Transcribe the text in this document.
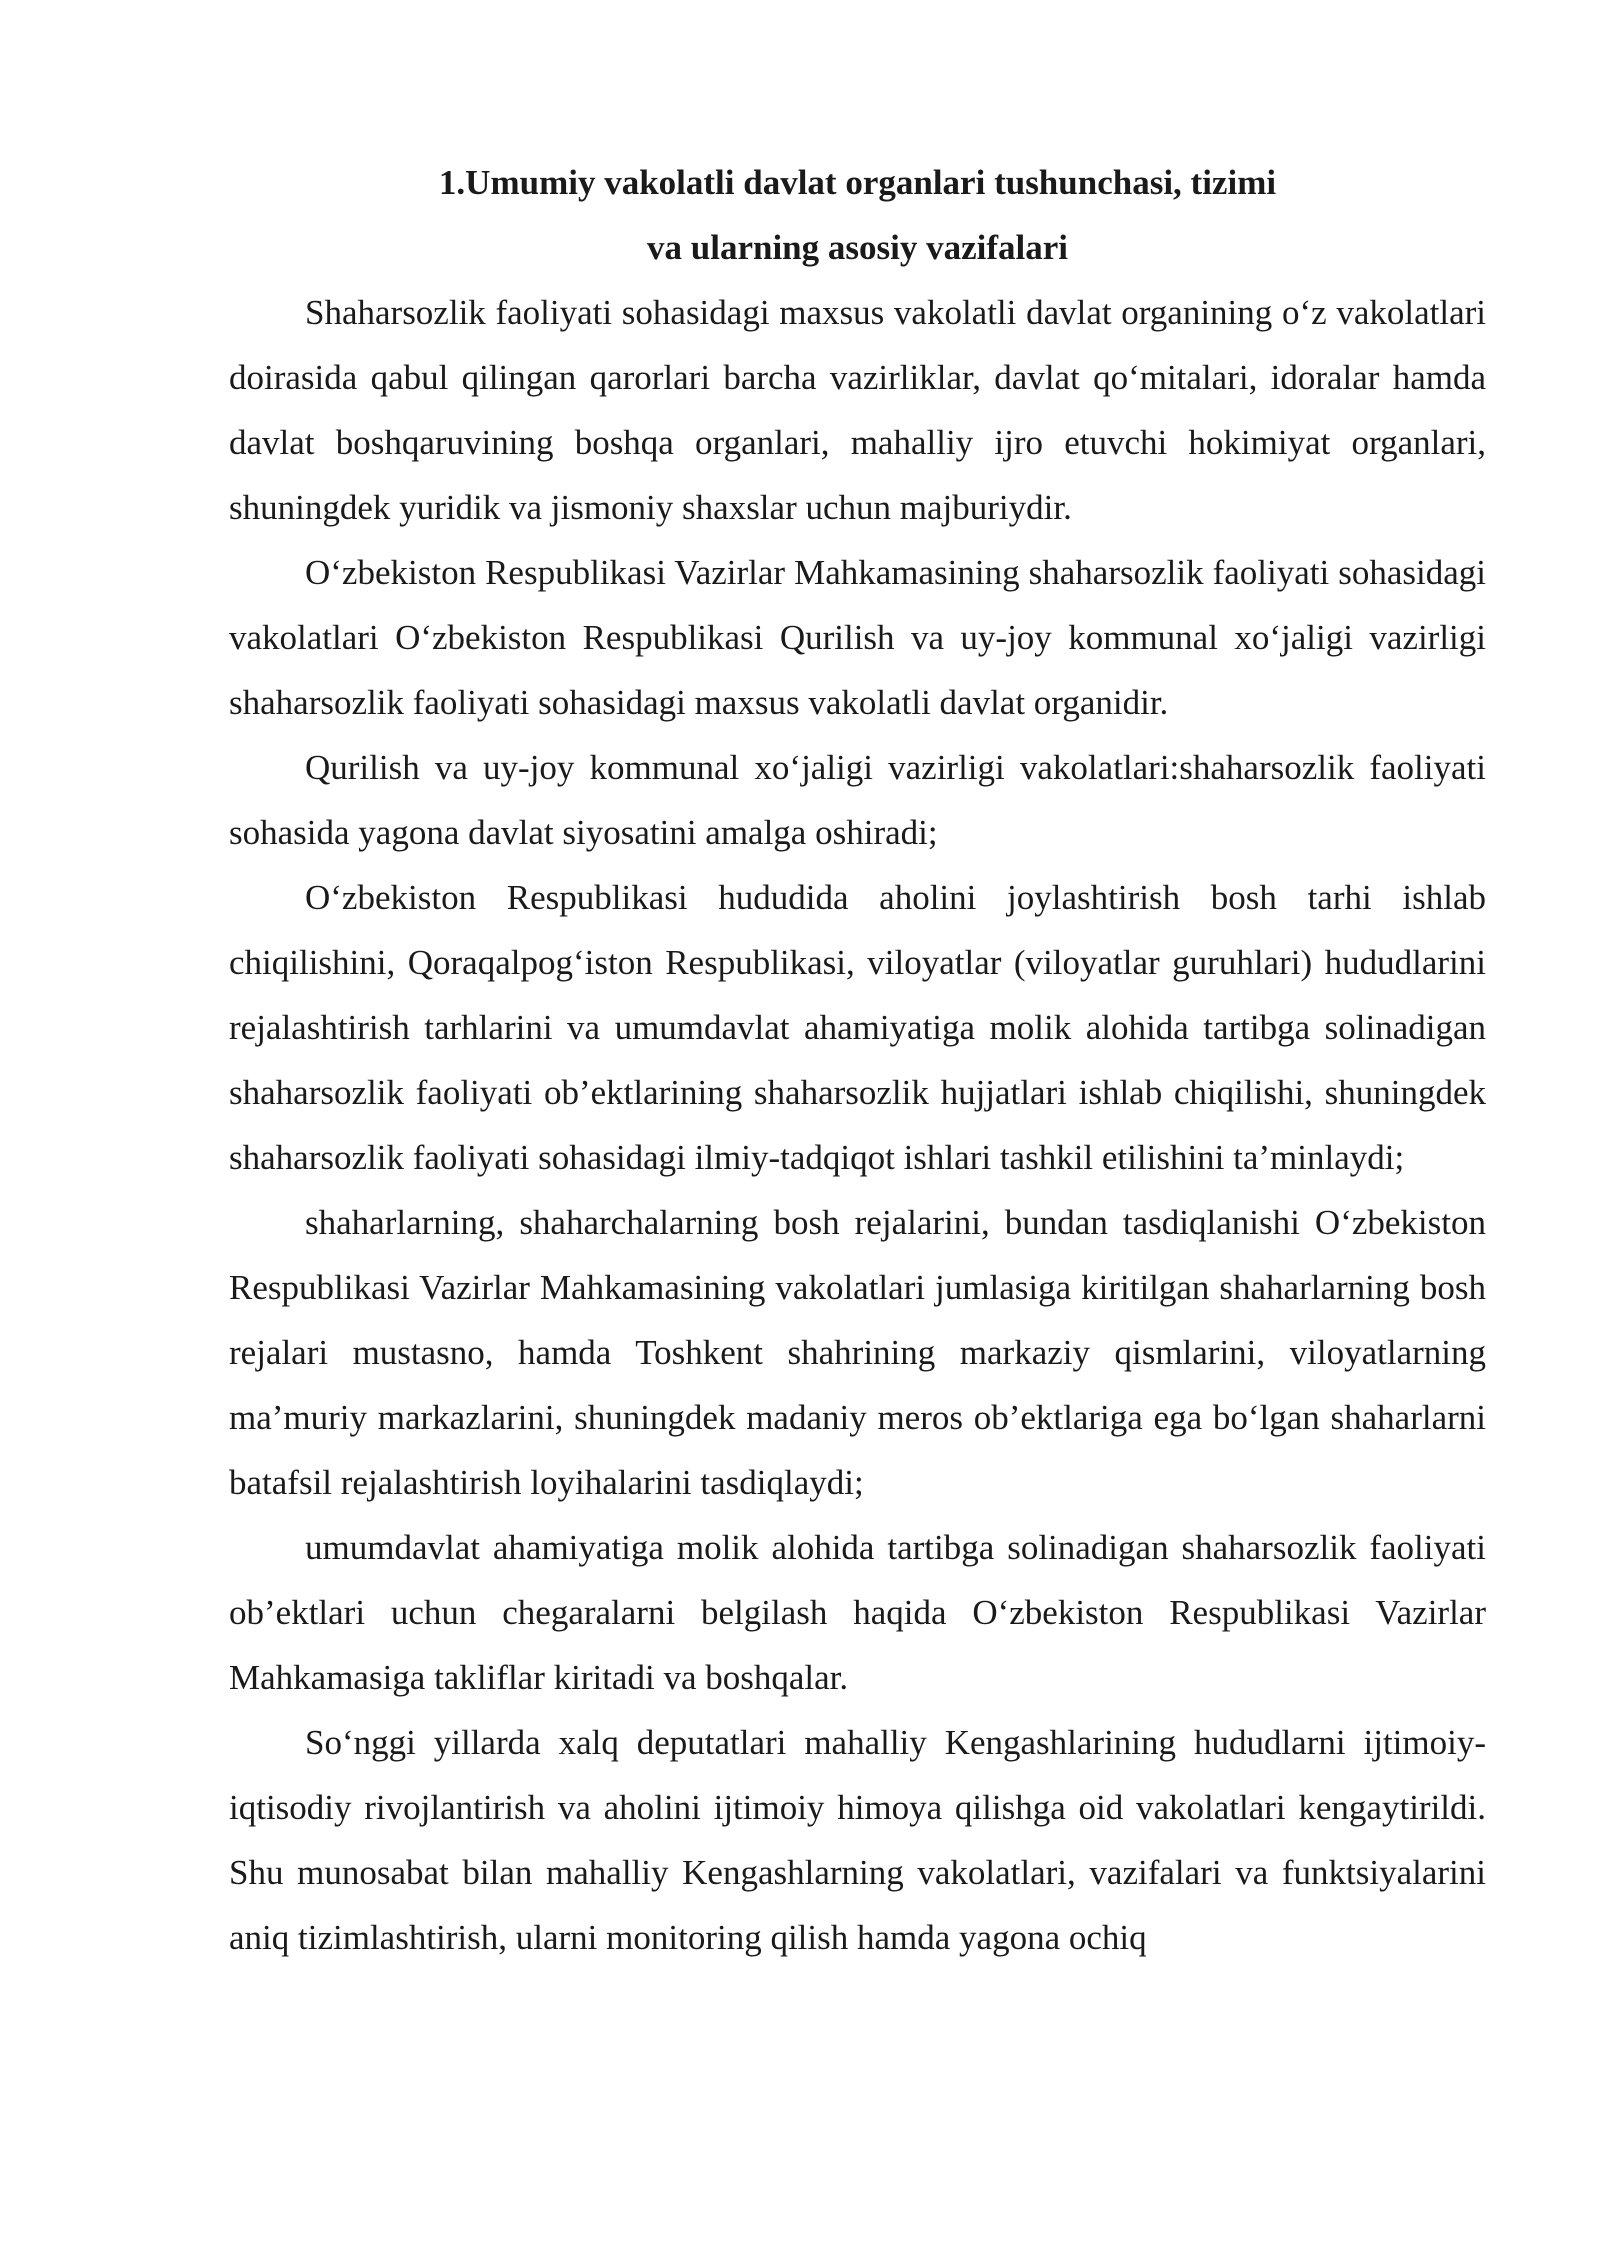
1.Umumiy vakolatli davlat organlari tushunchasi, tizimi
va ularning asosiy vazifalari

Shaharsozlik faoliyati sohasidagi maxsus vakolatli davlat organining o‘z vakolatlari doirasida qabul qilingan qarorlari barcha vazirliklar, davlat qo‘mitalari, idoralar hamda davlat boshqaruvining boshqa organlari, mahalliy ijro etuvchi hokimiyat organlari, shuningdek yuridik va jismoniy shaxslar uchun majburiydir.

O‘zbekiston Respublikasi Vazirlar Mahkamasining shaharsozlik faoliyati sohasidagi vakolatlari O‘zbekiston Respublikasi Qurilish va uy-joy kommunal xo‘jaligi vazirligi shaharsozlik faoliyati sohasidagi maxsus vakolatli davlat organidir.

Qurilish va uy-joy kommunal xo‘jaligi vazirligi vakolatlari:shaharsozlik faoliyati sohasida yagona davlat siyosatini amalga oshiradi;

O‘zbekiston Respublikasi hududida aholini joylashtirish bosh tarhi ishlab chiqilishini, Qoraqalpog‘iston Respublikasi, viloyatlar (viloyatlar guruhlari) hududlarini rejalashtirish tarhlarini va umumdavlat ahamiyatiga molik alohida tartibga solinadigan shaharsozlik faoliyati ob’ektlarining shaharsozlik hujjatlari ishlab chiqilishi, shuningdek shaharsozlik faoliyati sohasidagi ilmiy-tadqiqot ishlari tashkil etilishini ta’minlaydi;

shaharlarning, shaharchalarning bosh rejalarini, bundan tasdiqlanishi O‘zbekiston Respublikasi Vazirlar Mahkamasining vakolatlari jumlasiga kiritilgan shaharlarning bosh rejalari mustasno, hamda Toshkent shahrining markaziy qismlarini, viloyatlarning ma’muriy markazlarini, shuningdek madaniy meros ob’ektlariga ega bo‘lgan shaharlarni batafsil rejalashtirish loyihalarini tasdiqlaydi;

umumdavlat ahamiyatiga molik alohida tartibga solinadigan shaharsozlik faoliyati ob’ektlari uchun chegaralarni belgilash haqida O‘zbekiston Respublikasi Vazirlar Mahkamasiga takliflar kiritadi va boshqalar.

So‘nggi yillarda xalq deputatlari mahalliy Kengashlarining hududlarni ijtimoiy-iqtisodiy rivojlantirish va aholini ijtimoiy himoya qilishga oid vakolatlari kengaytirildi. Shu munosabat bilan mahalliy Kengashlarning vakolatlari, vazifalari va funktsiyalarini aniq tizimlashtirish, ularni monitoring qilish hamda yagona ochiq
